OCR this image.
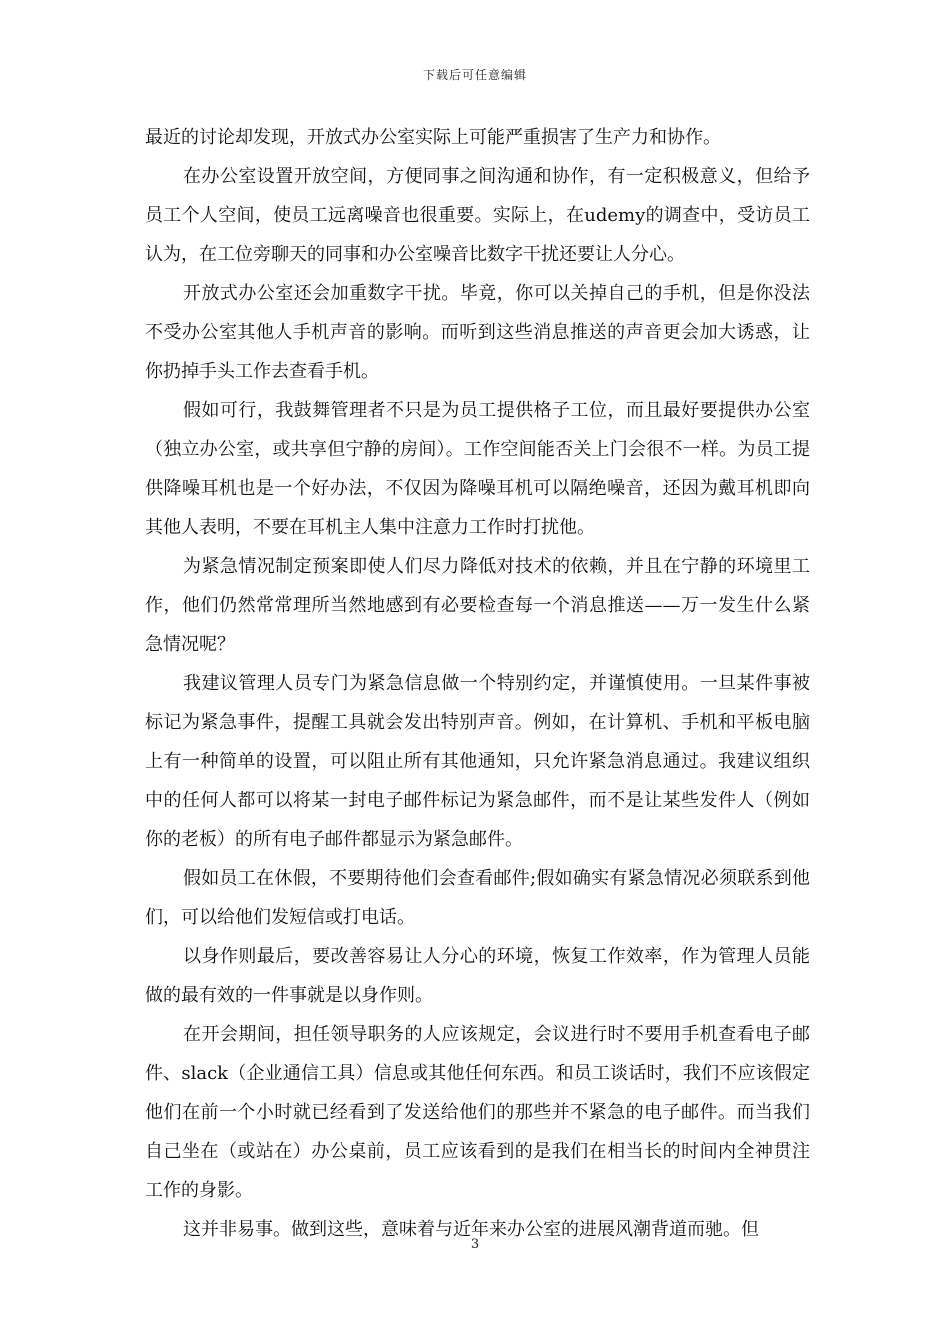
下载后可任意编辑

最近的讨论却发现，开放式办公室实际上可能严重损害了生产力和协作。

在办公室设置开放空间，方便同事之间沟通和协作，有一定积极意义，但给予员工个人空间，使员工远离噪音也很重要。实际上，在udemy的调查中，受访员工认为，在工位旁聊天的同事和办公室噪音比数字干扰还要让人分心。

开放式办公室还会加重数字干扰。毕竟，你可以关掉自己的手机，但是你没法不受办公室其他人手机声音的影响。而听到这些消息推送的声音更会加大诱惑，让你扔掉手头工作去查看手机。

假如可行，我鼓舞管理者不只是为员工提供格子工位，而且最好要提供办公室（独立办公室，或共享但宁静的房间）。工作空间能否关上门会很不一样。为员工提供降噪耳机也是一个好办法，不仅因为降噪耳机可以隔绝噪音，还因为戴耳机即向其他人表明，不要在耳机主人集中注意力工作时打扰他。

为紧急情况制定预案即使人们尽力降低对技术的依赖，并且在宁静的环境里工作，他们仍然常常理所当然地感到有必要检查每一个消息推送——万一发生什么紧急情况呢？

我建议管理人员专门为紧急信息做一个特别约定，并谨慎使用。一旦某件事被标记为紧急事件，提醒工具就会发出特别声音。例如，在计算机、手机和平板电脑上有一种简单的设置，可以阻止所有其他通知，只允许紧急消息通过。我建议组织中的任何人都可以将某一封电子邮件标记为紧急邮件，而不是让某些发件人（例如你的老板）的所有电子邮件都显示为紧急邮件。

假如员工在休假，不要期待他们会查看邮件;假如确实有紧急情况必须联系到他们，可以给他们发短信或打电话。

以身作则最后，要改善容易让人分心的环境，恢复工作效率，作为管理人员能做的最有效的一件事就是以身作则。

在开会期间，担任领导职务的人应该规定，会议进行时不要用手机查看电子邮件、slack（企业通信工具）信息或其他任何东西。和员工谈话时，我们不应该假定他们在前一个小时就已经看到了发送给他们的那些并不紧急的电子邮件。而当我们自己坐在（或站在）办公桌前，员工应该看到的是我们在相当长的时间内全神贯注工作的身影。

这并非易事。做到这些，意味着与近年来办公室的进展风潮背道而驰。但

3
